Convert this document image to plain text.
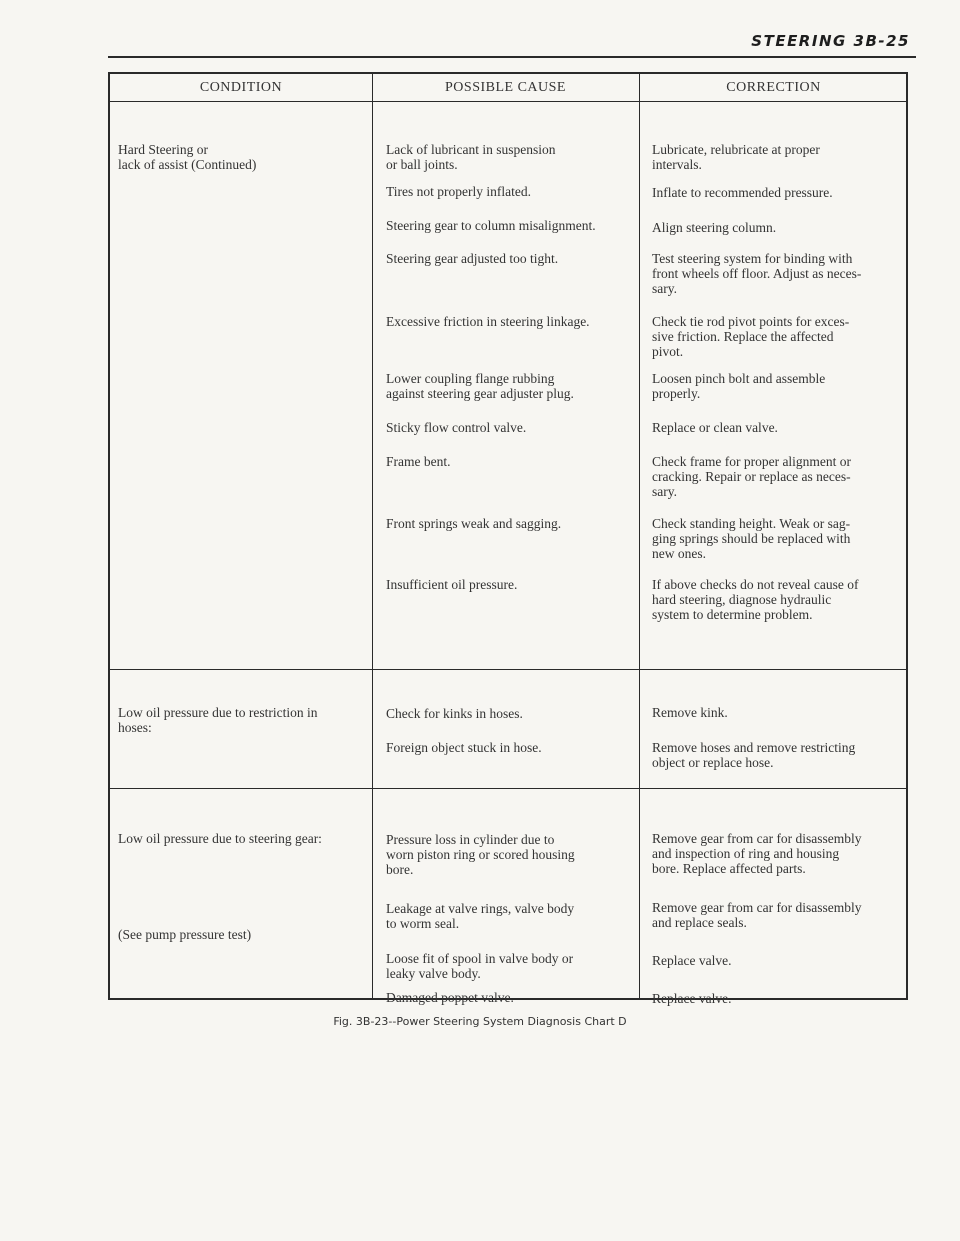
STEERING 3B-25
CONDITION	POSSIBLE CAUSE	CORRECTION
Hard Steering or
lack of assist (Continued)
Lack of lubricant in suspension
or ball joints.
Tires not properly inflated.
Steering gear to column misalignment.
Steering gear adjusted too tight.
Excessive friction in steering linkage.
Lower coupling flange rubbing
against steering gear adjuster plug.
Sticky flow control valve.
Frame bent.
Front springs weak and sagging.
Insufficient oil pressure.
Lubricate, relubricate at proper
intervals.
Inflate to recommended pressure.
Align steering column.
Test steering system for binding with
front wheels off floor. Adjust as neces-
sary.
Check tie rod pivot points for exces-
sive friction. Replace the affected
pivot.
Loosen pinch bolt and assemble
properly.
Replace or clean valve.
Check frame for proper alignment or
cracking. Repair or replace as neces-
sary.
Check standing height. Weak or sag-
ging springs should be replaced with
new ones.
If above checks do not reveal cause of
hard steering, diagnose hydraulic
system to determine problem.
Low oil pressure due to restriction in
hoses:
Check for kinks in hoses.
Foreign object stuck in hose.
Remove kink.
Remove hoses and remove restricting
object or replace hose.
Low oil pressure due to steering gear:
(See pump pressure test)
Pressure loss in cylinder due to
worn piston ring or scored housing
bore.
Leakage at valve rings, valve body
to worm seal.
Loose fit of spool in valve body or
leaky valve body.
Damaged poppet valve.
Remove gear from car for disassembly
and inspection of ring and housing
bore. Replace affected parts.
Remove gear from car for disassembly
and replace seals.
Replace valve.
Replace valve.
Fig. 3B-23--Power Steering System Diagnosis Chart D
